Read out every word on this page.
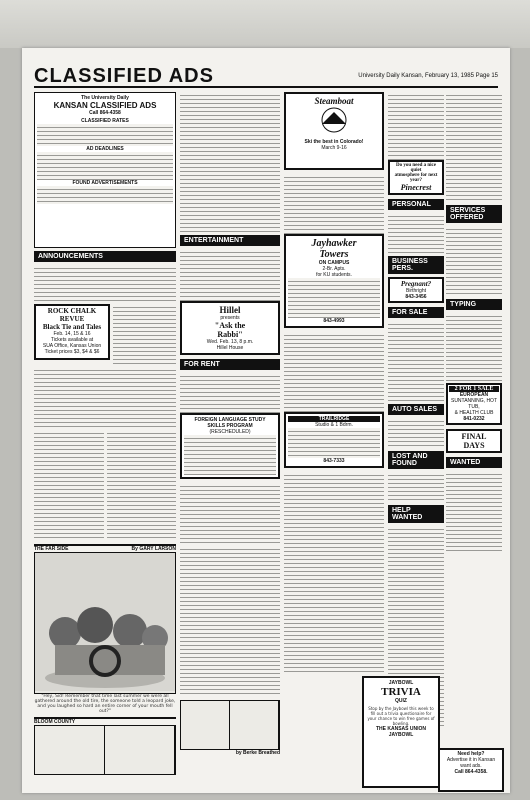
CLASSIFIED ADS	University Daily Kansan, February 13, 1985 Page 15
The University Daily
KANSAN CLASSIFIED ADS
Call 864-4358
CLASSIFIED RATES
AD DEADLINES
FOUND ADVERTISEMENTS
ANNOUNCEMENTS
ROCK CHALK REVUE
Black Tie and Tales
Feb. 14, 15 & 16
Tickets available at
SUA Office, Kansas Union
Ticket prices $3, $4 & $6
THE FAR SIDE	By GARY LARSON
"Hey, Sid! Remember that time last summer we were all gathered around the old tire, the someone told a leopard joke, and you laughed so hard an entire corner of your mouth fell out?"
BLOOM COUNTY
ENTERTAINMENT
Hillel
presents
"Ask the
Rabbi"
Wed. Feb. 13, 8 p.m.
Hillel House
FOR RENT
FOREIGN LANGUAGE STUDY
SKILLS PROGRAM
(RESCHEDULED)
by Berke Breathed
Steamboat
Ski the best in Colorado!
March 9-16
Jayhawker
Towers
ON CAMPUS
2-Br. Apts.
for KU students.
843-4993
TRAILRIDGE
Studio & 1 Bdrm.
843-7333
Do you need a nice quiet
atmosphere for next year?
Pinecrest
PERSONAL
BUSINESS PERS.
Pregnant?
Birthright
843-3456
FOR SALE
AUTO SALES
LOST AND FOUND
HELP WANTED
SERVICES OFFERED
TYPING
2 FOR 1 SALE
EUROPEAN
SUNTANNING, HOT TUB,
& HEALTH CLUB
841-0232
FINAL
DAYS
WANTED
JAYBOWL
TRIVIA
QUIZ
Stop by the Jaybowl this week to fill out a trivia questionaire for your chance to win free games of bowling.
THE KANSAS UNION
JAYBOWL
Need help?
Advertise it in Kansan want ads.
Call 864-4358.
